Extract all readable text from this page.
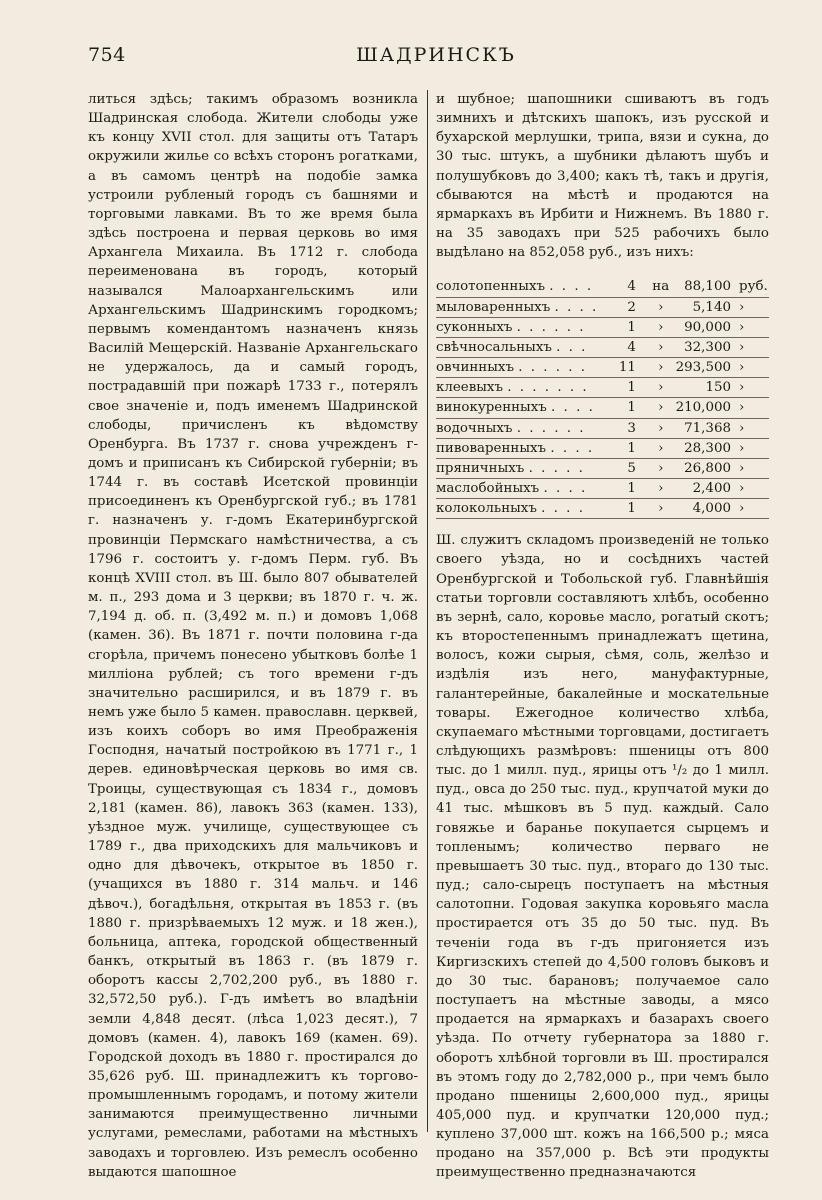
754	ШАДРИНСКЪ

литься здѣсь; такимъ образомъ возникла Шадринская слобода. Жители слободы уже къ концу XVII стол. для защиты отъ Татаръ окружили жилье со всѣхъ сторонъ рогатками, а въ самомъ центрѣ на подобіе замка устроили рубленый городъ съ башнями и торговыми лавками. Въ то же время была здѣсь построена и первая церковь во имя Архангела Михаила. Въ 1712 г. слобода переименована въ городъ, который назывался Малоархангельскимъ или Архангельскимъ Шадринскимъ городкомъ; первымъ комендантомъ назначенъ князь Василій Мещерскій. Названіе Архангельскаго не удержалось, да и самый городъ, пострадавшій при пожарѣ 1733 г., потерялъ свое значеніе и, подъ именемъ Шадринской слободы, причисленъ къ вѣдомству Оренбурга. Въ 1737 г. снова учрежденъ г-домъ и приписанъ къ Сибирской губерніи; въ 1744 г. въ составѣ Исетской провинціи присоединенъ къ Оренбургской губ.; въ 1781 г. назначенъ у. г-домъ Екатеринбургской провинціи Пермскаго намѣстничества, а съ 1796 г. состоитъ у. г-домъ Перм. губ. Въ концѣ XVIII стол. въ Ш. было 807 обывателей м. п., 293 дома и 3 церкви; въ 1870 г. ч. ж. 7,194 д. об. п. (3,492 м. п.) и домовъ 1,068 (камен. 36). Въ 1871 г. почти половина г-да сгорѣла, причемъ понесено убытковъ болѣе 1 милліона рублей; съ того времени г-дъ значительно расширился, и въ 1879 г. въ немъ уже было 5 камен. православн. церквей, изъ коихъ соборъ во имя Преображенія Господня, начатый постройкою въ 1771 г., 1 дерев. единовѣрческая церковь во имя св. Троицы, существующая съ 1834 г., домовъ 2,181 (камен. 86), лавокъ 363 (камен. 133), уѣздное муж. училище, существующее съ 1789 г., два приходскихъ для мальчиковъ и одно для дѣвочекъ, открытое въ 1850 г. (учащихся въ 1880 г. 314 мальч. и 146 дѣвоч.), богадѣльня, открытая въ 1853 г. (въ 1880 г. призрѣваемыхъ 12 муж. и 18 жен.), больница, аптека, городской общественный банкъ, открытый въ 1863 г. (въ 1879 г. оборотъ кассы 2,702,200 руб., въ 1880 г. 32,572,50 руб.). Г-дъ имѣетъ во владѣніи земли 4,848 десят. (лѣса 1,023 десят.), 7 домовъ (камен. 4), лавокъ 169 (камен. 69). Городской доходъ въ 1880 г. простирался до 35,626 руб. Ш. принадлежитъ къ торгово-промышленнымъ городамъ, и потому жители занимаются преимущественно личными услугами, ремеслами, работами на мѣстныхъ заводахъ и торговлею. Изъ ремеслъ особенно выдаются шапошное

и шубное; шапошники сшиваютъ въ годъ зимнихъ и дѣтскихъ шапокъ, изъ русской и бухарской мерлушки, трипа, вязи и сукна, до 30 тыс. штукъ, а шубники дѣлаютъ шубъ и полушубковъ до 3,400; какъ тѣ, такъ и другія, сбываются на мѣстѣ и продаются на ярмаркахъ въ Ирбити и Нижнемъ. Въ 1880 г. на 35 заводахъ при 525 рабочихъ было выдѣлано на 852,058 руб., изъ нихъ:

солотопенныхъ . . . .	4	на	88,100	руб.
мыловаренныхъ . . . .	2	›	5,140	›
суконныхъ . . . . . .	1	›	90,000	›
свѣчносальныхъ . . .	4	›	32,300	›
овчинныхъ . . . . . .	11	›	293,500	›
клеевыхъ . . . . . . .	1	›	150	›
винокуренныхъ . . . .	1	›	210,000	›
водочныхъ . . . . . .	3	›	71,368	›
пивоваренныхъ . . . .	1	›	28,300	›
пряничныхъ . . . . .	5	›	26,800	›
маслобойныхъ . . . .	1	›	2,400	›
колокольныхъ . . . .	1	›	4,000	›

Ш. служитъ складомъ произведеній не только своего уѣзда, но и сосѣднихъ частей Оренбургской и Тобольской губ. Главнѣйшія статьи торговли составляютъ хлѣбъ, особенно въ зернѣ, сало, коровье масло, рогатый скотъ; къ второстепеннымъ принадлежатъ щетина, волосъ, кожи сырыя, сѣмя, соль, желѣзо и издѣлія изъ него, мануфактурные, галантерейные, бакалейные и москательные товары. Ежегодное количество хлѣба, скупаемаго мѣстными торговцами, достигаетъ слѣдующихъ размѣровъ: пшеницы отъ 800 тыс. до 1 милл. пуд., ярицы отъ ¹/₂ до 1 милл. пуд., овса до 250 тыс. пуд., крупчатой муки до 41 тыс. мѣшковъ въ 5 пуд. каждый. Сало говяжье и баранье покупается сырцемъ и топленымъ; количество перваго не превышаетъ 30 тыс. пуд., втораго до 130 тыс. пуд.; сало-сырецъ поступаетъ на мѣстныя салотопни. Годовая закупка коровьяго масла простирается отъ 35 до 50 тыс. пуд. Въ теченіи года въ г-дъ пригоняется изъ Киргизскихъ степей до 4,500 головъ быковъ и до 30 тыс. барановъ; получаемое сало поступаетъ на мѣстные заводы, а мясо продается на ярмаркахъ и базарахъ своего уѣзда. По отчету губернатора за 1880 г. оборотъ хлѣбной торговли въ Ш. простирался въ этомъ году до 2,782,000 р., при чемъ было продано пшеницы 2,600,000 пуд., ярицы 405,000 пуд. и крупчатки 120,000 пуд.; куплено 37,000 шт. кожъ на 166,500 р.; мяса продано на 357,000 р. Всѣ эти продукты преимущественно предназначаются
